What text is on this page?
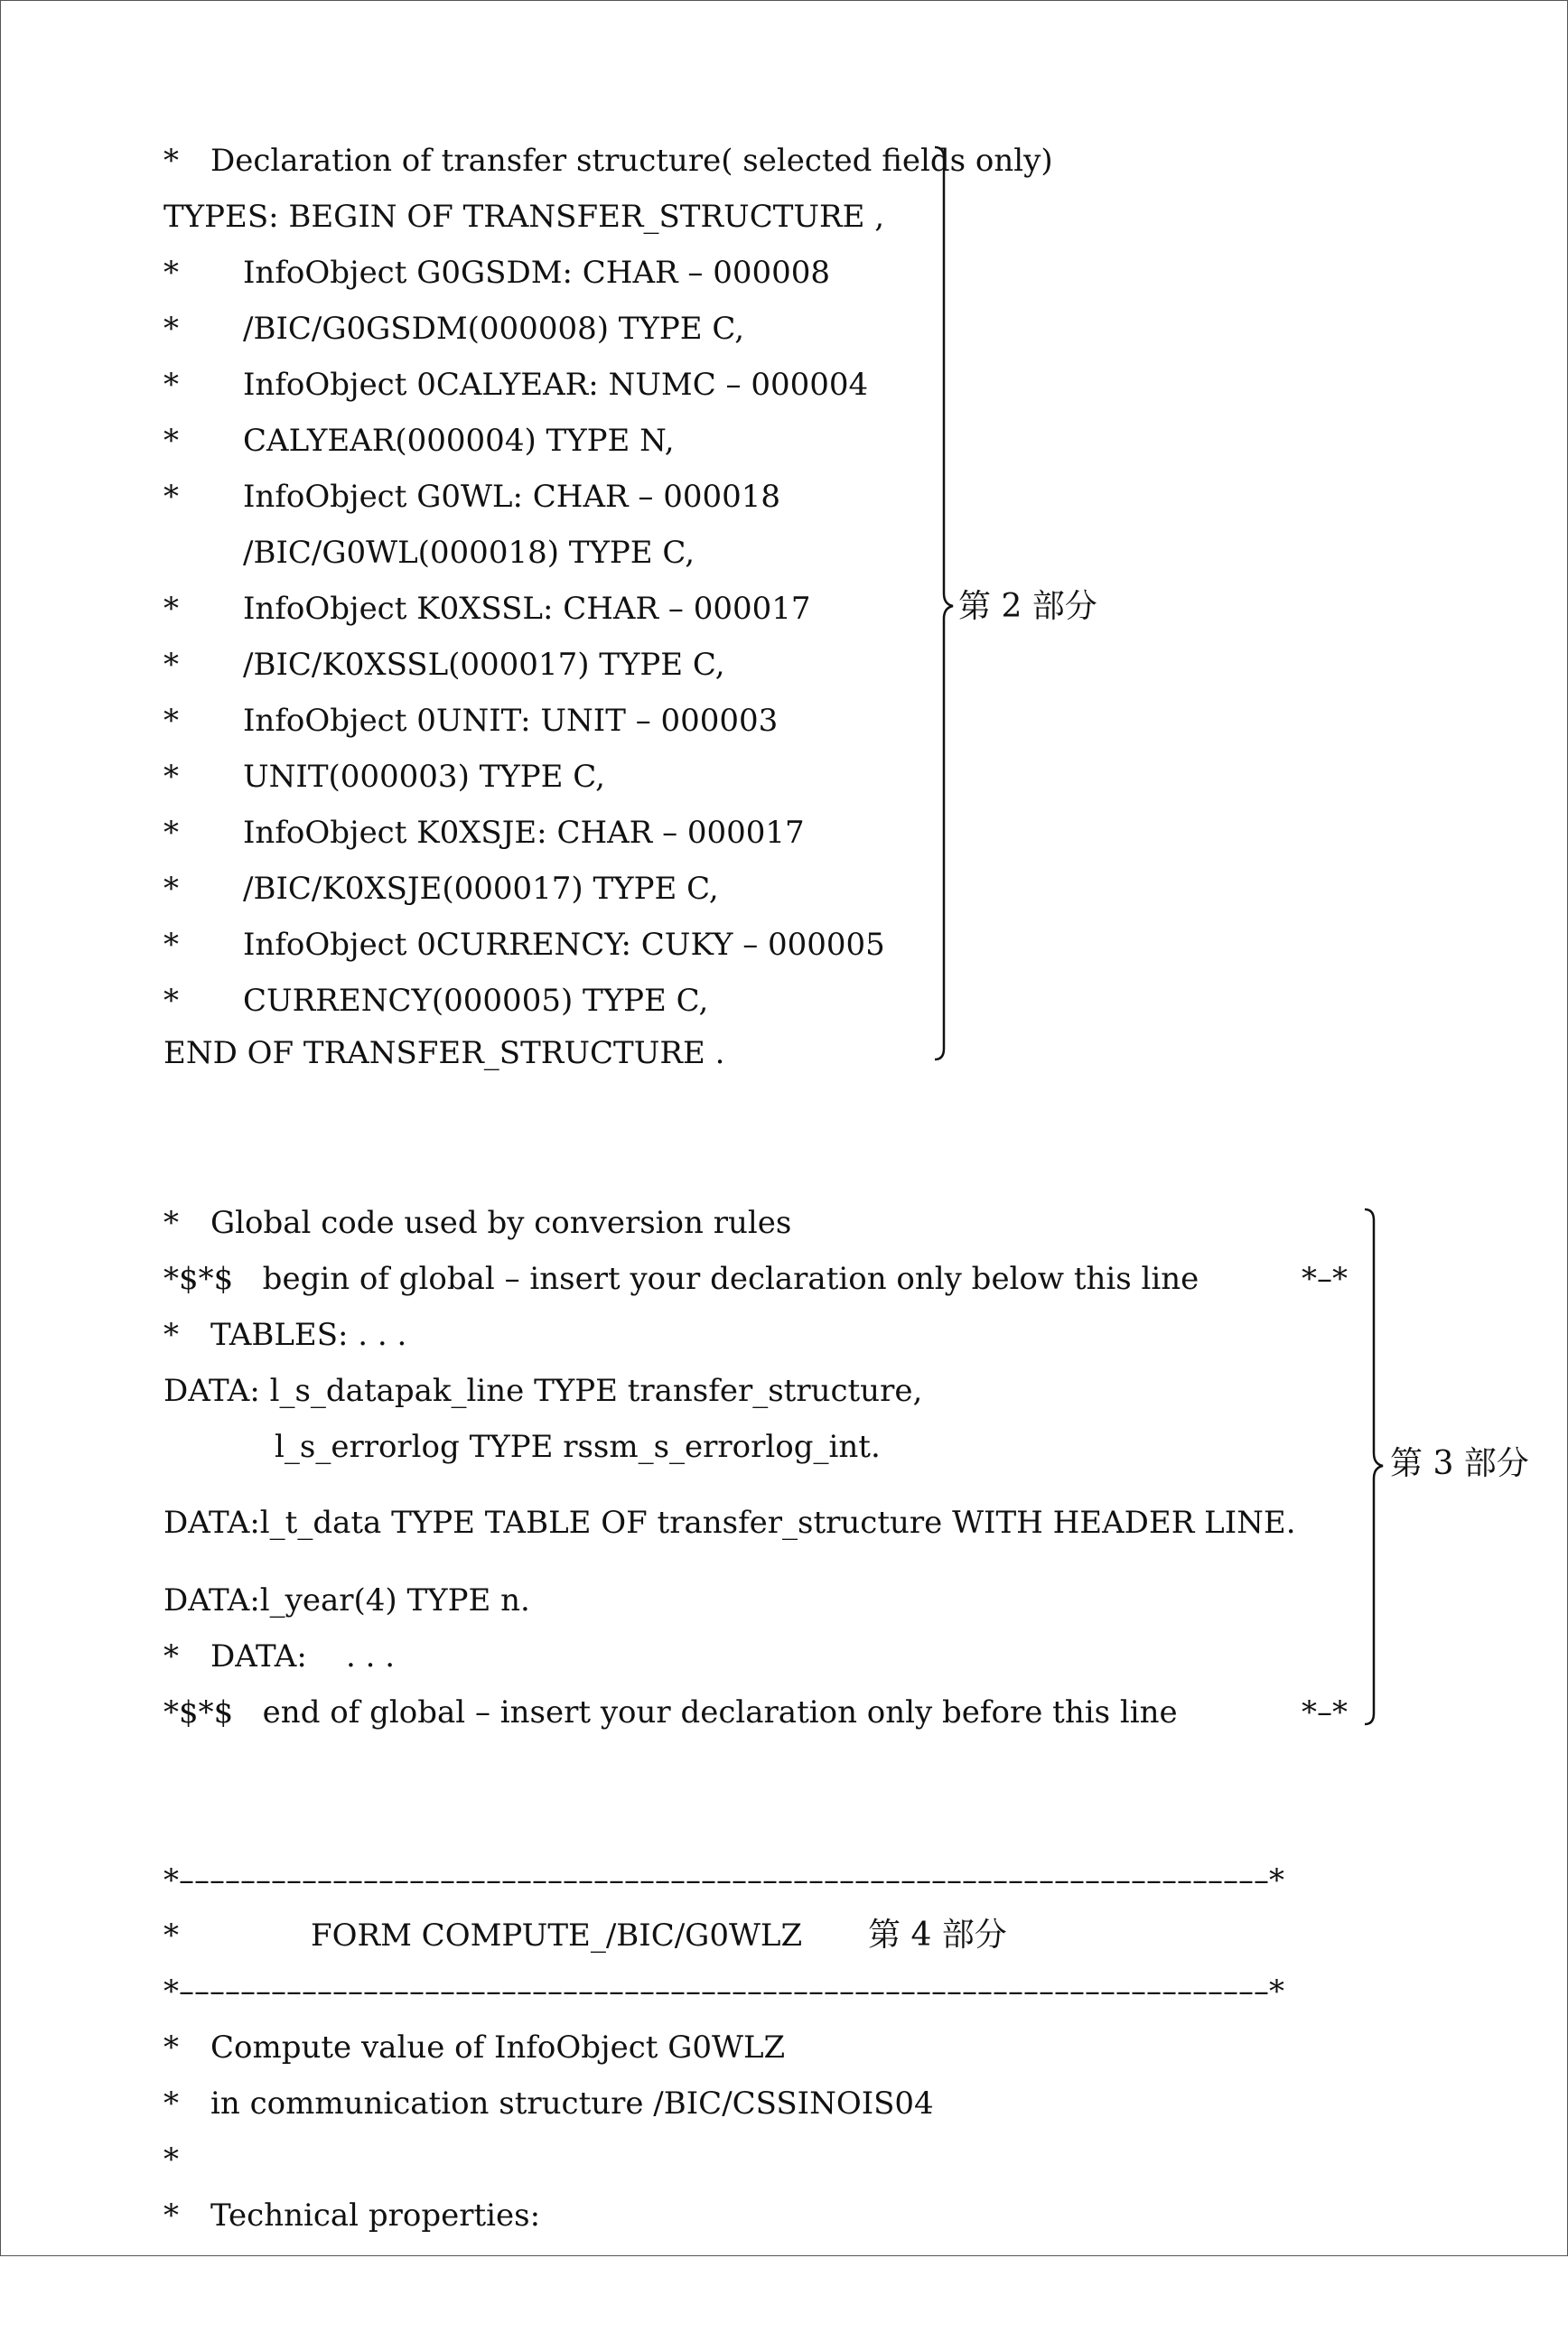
*

Declaration of transfer structure( selected fields only)

TYPES: BEGIN OF TRANSFER_STRUCTURE ,
* InfoObject G0GSDM: CHAR – 000008
* /BIC/G0GSDM(000008) TYPE C,
* InfoObject 0CALYEAR: NUMC – 000004
* CALYEAR(000004) TYPE N,
* InfoObject G0WL: CHAR – 000018
/BIC/G0WL(000018) TYPE C,
* InfoObject K0XSSL: CHAR – 000017
* /BIC/K0XSSL(000017) TYPE C,
* InfoObject 0UNIT: UNIT – 000003
* UNIT(000003) TYPE C,
* InfoObject K0XSJE: CHAR – 000017
* /BIC/K0XSJE(000017) TYPE C,
* InfoObject 0CURRENCY: CUKY – 000005
* CURRENCY(000005) TYPE C,
END OF TRANSFER_STRUCTURE .
第 2 部分

*

Global code used by conversion rules

*$*$   begin of global – insert your declaration only below this line	*–*

*

TABLES: . . .

DATA: l_s_datapak_line TYPE transfer_structure,
l_s_errorlog TYPE rssm_s_errorlog_int.
DATA:l_t_data TYPE TABLE OF transfer_structure WITH HEADER LINE.
DATA:l_year(4) TYPE n.

*

DATA:    . . .

*$*$   end of global – insert your declaration only before this line	*–*
第 3 部分
*–––––––––––––––––––––––––––––––––––––––––––––––––––––––––––––––––––––––*

*

	FORM COMPUTE_/BIC/G0WLZ

第 4 部分
*–––––––––––––––––––––––––––––––––––––––––––––––––––––––––––––––––––––––*

*

Compute value of InfoObject G0WLZ

*

in communication structure /BIC/CSSINOIS04

*

*

Technical properties:
